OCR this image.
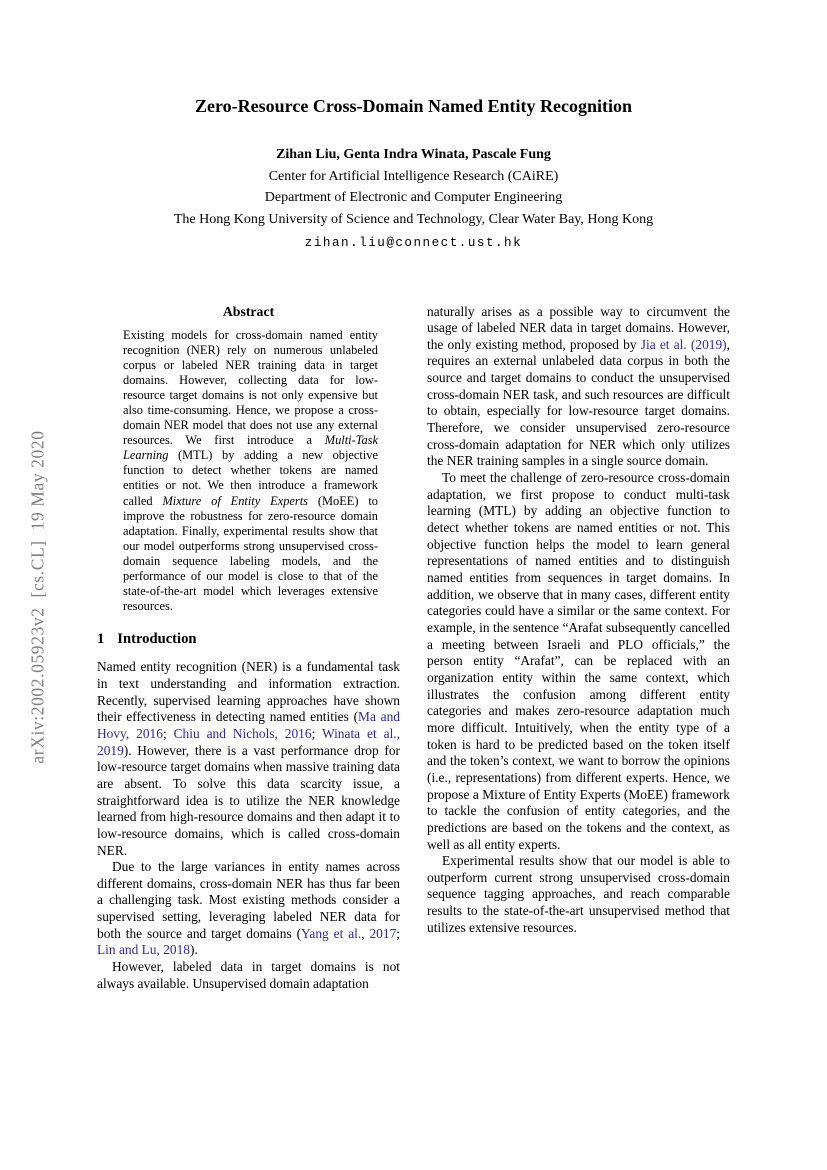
arXiv:2002.05923v2  [cs.CL]  19 May 2020
Zero-Resource Cross-Domain Named Entity Recognition
Zihan Liu, Genta Indra Winata, Pascale Fung
Center for Artificial Intelligence Research (CAiRE)
Department of Electronic and Computer Engineering
The Hong Kong University of Science and Technology, Clear Water Bay, Hong Kong
zihan.liu@connect.ust.hk
Abstract

Existing models for cross-domain named entity recognition (NER) rely on numerous unlabeled corpus or labeled NER training data in target domains. However, collecting data for low-resource target domains is not only expensive but also time-consuming. Hence, we propose a cross-domain NER model that does not use any external resources. We first introduce a Multi-Task Learning (MTL) by adding a new objective function to detect whether tokens are named entities or not. We then introduce a framework called Mixture of Entity Experts (MoEE) to improve the robustness for zero-resource domain adaptation. Finally, experimental results show that our model outperforms strong unsupervised cross-domain sequence labeling models, and the performance of our model is close to that of the state-of-the-art model which leverages extensive resources.

1 Introduction

Named entity recognition (NER) is a fundamental task in text understanding and information extraction. Recently, supervised learning approaches have shown their effectiveness in detecting named entities (Ma and Hovy, 2016; Chiu and Nichols, 2016; Winata et al., 2019). However, there is a vast performance drop for low-resource target domains when massive training data are absent. To solve this data scarcity issue, a straightforward idea is to utilize the NER knowledge learned from high-resource domains and then adapt it to low-resource domains, which is called cross-domain NER.

Due to the large variances in entity names across different domains, cross-domain NER has thus far been a challenging task. Most existing methods consider a supervised setting, leveraging labeled NER data for both the source and target domains (Yang et al., 2017; Lin and Lu, 2018).

However, labeled data in target domains is not always available. Unsupervised domain adaptation

naturally arises as a possible way to circumvent the usage of labeled NER data in target domains. However, the only existing method, proposed by Jia et al. (2019), requires an external unlabeled data corpus in both the source and target domains to conduct the unsupervised cross-domain NER task, and such resources are difficult to obtain, especially for low-resource target domains. Therefore, we consider unsupervised zero-resource cross-domain adaptation for NER which only utilizes the NER training samples in a single source domain.

To meet the challenge of zero-resource cross-domain adaptation, we first propose to conduct multi-task learning (MTL) by adding an objective function to detect whether tokens are named entities or not. This objective function helps the model to learn general representations of named entities and to distinguish named entities from sequences in target domains. In addition, we observe that in many cases, different entity categories could have a similar or the same context. For example, in the sentence “Arafat subsequently cancelled a meeting between Israeli and PLO officials,” the person entity “Arafat”, can be replaced with an organization entity within the same context, which illustrates the confusion among different entity categories and makes zero-resource adaptation much more difficult. Intuitively, when the entity type of a token is hard to be predicted based on the token itself and the token’s context, we want to borrow the opinions (i.e., representations) from different experts. Hence, we propose a Mixture of Entity Experts (MoEE) framework to tackle the confusion of entity categories, and the predictions are based on the tokens and the context, as well as all entity experts.

Experimental results show that our model is able to outperform current strong unsupervised cross-domain sequence tagging approaches, and reach comparable results to the state-of-the-art unsupervised method that utilizes extensive resources.
